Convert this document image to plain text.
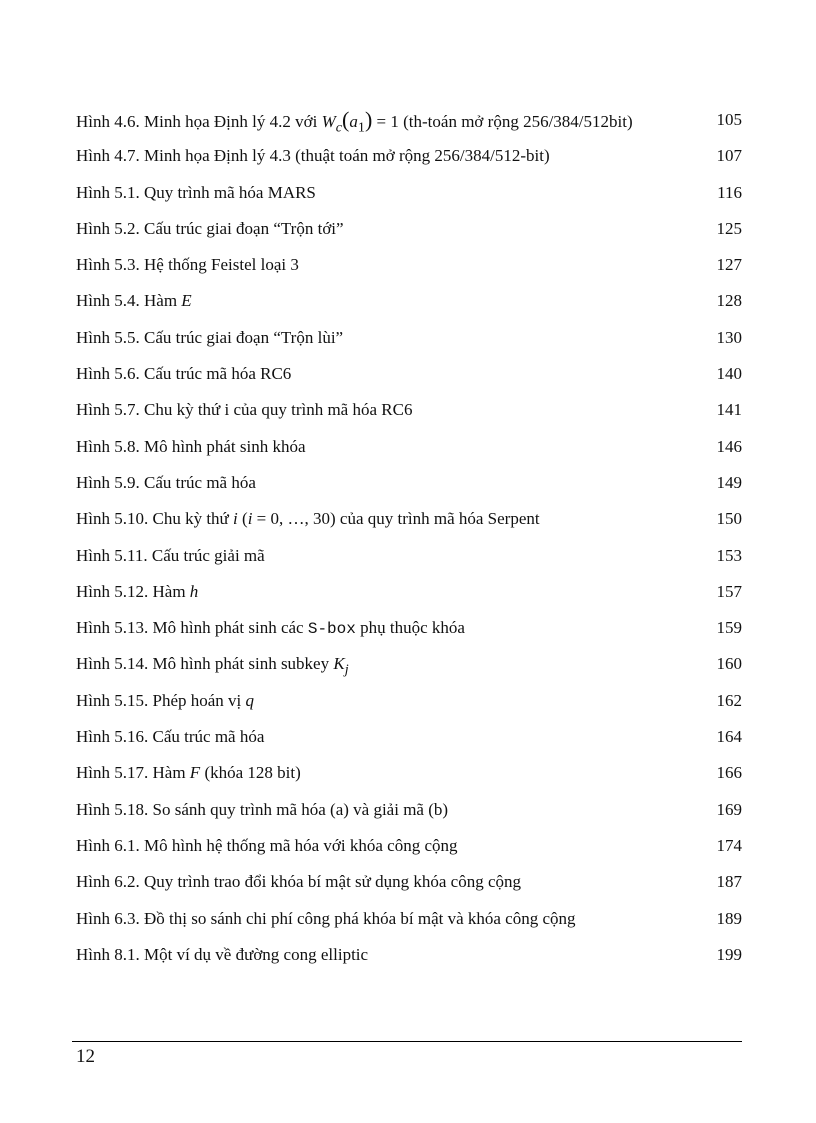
Hình 4.6. Minh họa Định lý 4.2 với $W_c(a_1) = 1$ (th-toán mở rộng 256/384/512bit)	105
Hình 4.7. Minh họa Định lý 4.3 (thuật toán mở rộng 256/384/512-bit)	107
Hình 5.1. Quy trình mã hóa MARS	116
Hình 5.2. Cấu trúc giai đoạn “Trộn tới”	125
Hình 5.3. Hệ thống Feistel loại 3	127
Hình 5.4. Hàm E	128
Hình 5.5. Cấu trúc giai đoạn “Trộn lùi”	130
Hình 5.6. Cấu trúc mã hóa RC6	140
Hình 5.7. Chu kỳ thứ i của quy trình mã hóa RC6	141
Hình 5.8. Mô hình phát sinh khóa	146
Hình 5.9. Cấu trúc mã hóa	149
Hình 5.10. Chu kỳ thứ i (i = 0, …, 30) của quy trình mã hóa Serpent	150
Hình 5.11. Cấu trúc giải mã	153
Hình 5.12. Hàm h	157
Hình 5.13. Mô hình phát sinh các S-box phụ thuộc khóa	159
Hình 5.14. Mô hình phát sinh subkey $K_j$	160
Hình 5.15. Phép hoán vị q	162
Hình 5.16. Cấu trúc mã hóa	164
Hình 5.17. Hàm F (khóa 128 bit)	166
Hình 5.18. So sánh quy trình mã hóa (a) và giải mã (b)	169
Hình 6.1. Mô hình hệ thống mã hóa với khóa công cộng	174
Hình 6.2. Quy trình trao đổi khóa bí mật sử dụng khóa công cộng	187
Hình 6.3. Đồ thị so sánh chi phí công phá khóa bí mật và khóa công cộng	189
Hình 8.1. Một ví dụ về đường cong elliptic	199
12
